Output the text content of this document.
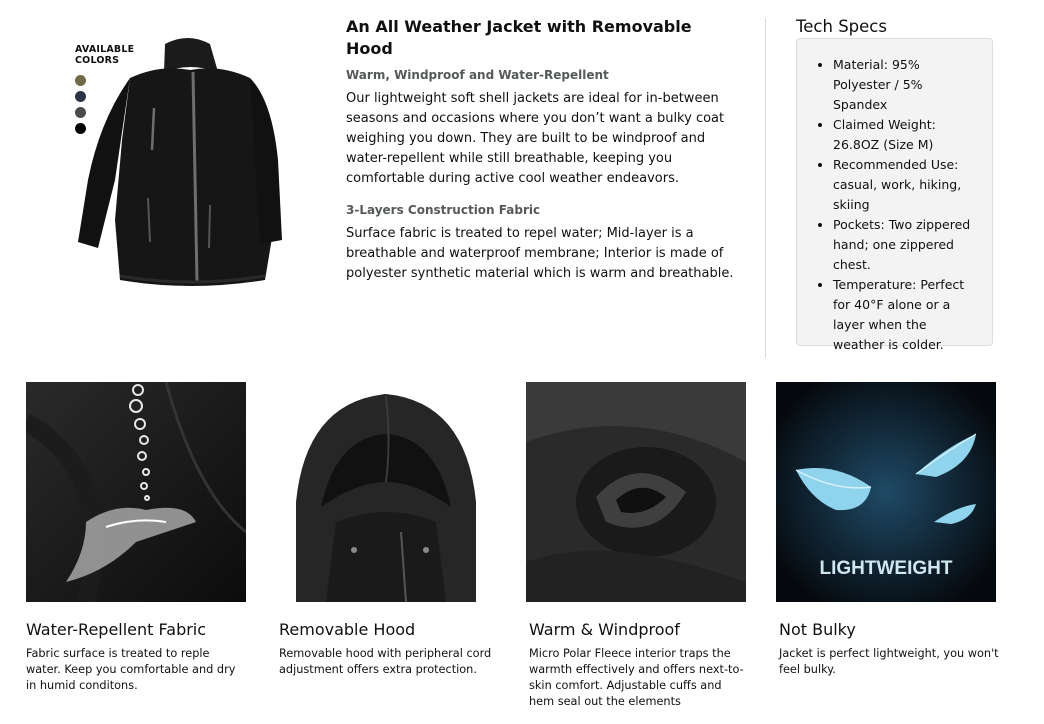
AVAILABLE
COLORS
An All Weather Jacket with Removable Hood
Warm, Windproof and Water-Repellent

Our lightweight soft shell jackets are ideal for in-between seasons and occasions where you don’t want a bulky coat weighing you down. They are built to be windproof and water-repellent while still breathable, keeping you comfortable during active cool weather endeavors.

3-Layers Construction Fabric

Surface fabric is treated to repel water; Mid-layer is a breathable and waterproof membrane; Interior is made of polyester synthetic material which is warm and breathable.

Tech Specs
• Material: 95% Polyester / 5% Spandex
• Claimed Weight: 26.8OZ (Size M)
• Recommended Use: casual, work, hiking, skiing
• Pockets: Two zippered hand; one zippered chest.
• Temperature: Perfect for 40°F alone or a layer when the weather is colder.
Water-Repellent Fabric
Fabric surface is treated to reple water. Keep you comfortable and dry in humid conditons.
Removable Hood
Removable hood with peripheral cord adjustment offers extra protection.
Warm & Windproof
Micro Polar Fleece interior traps the warmth effectively and offers next-to-skin comfort. Adjustable cuffs and hem seal out the elements
LIGHTWEIGHT
Not Bulky
Jacket is perfect lightweight, you won't feel bulky.
